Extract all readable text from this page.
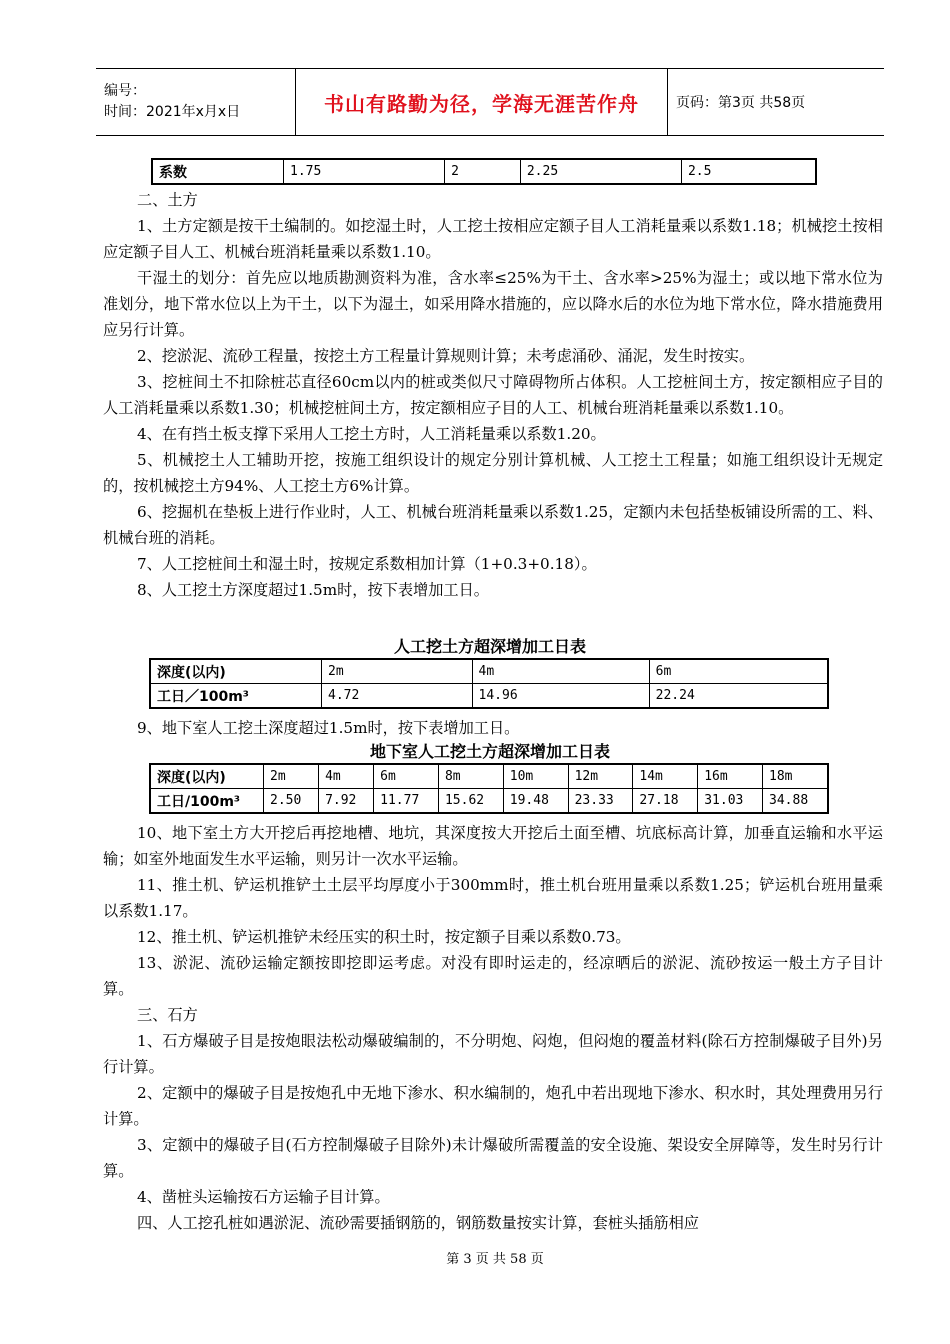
编号：
时间：2021年x月x日	书山有路勤为径，学海无涯苦作舟	页码：第3页 共58页
系数	1.75	2	2.25	2.5

二、土方

1、土方定额是按干土编制的。如挖湿土时，人工挖土按相应定额子目人工消耗量乘以系数1.18；机械挖土按相应定额子目人工、机械台班消耗量乘以系数1.10。

干湿土的划分：首先应以地质勘测资料为准，含水率≤25%为干土、含水率>25%为湿土；或以地下常水位为准划分，地下常水位以上为干土，以下为湿土，如采用降水措施的，应以降水后的水位为地下常水位，降水措施费用应另行计算。

2、挖淤泥、流砂工程量，按挖土方工程量计算规则计算；未考虑涌砂、涌泥，发生时按实。

3、挖桩间土不扣除桩芯直径60cm以内的桩或类似尺寸障碍物所占体积。人工挖桩间土方，按定额相应子目的人工消耗量乘以系数1.30；机械挖桩间土方，按定额相应子目的人工、机械台班消耗量乘以系数1.10。

4、在有挡土板支撑下采用人工挖土方时，人工消耗量乘以系数1.20。

5、机械挖土人工辅助开挖，按施工组织设计的规定分别计算机械、人工挖土工程量；如施工组织设计无规定的，按机械挖土方94%、人工挖土方6%计算。

6、挖掘机在垫板上进行作业时，人工、机械台班消耗量乘以系数1.25，定额内未包括垫板铺设所需的工、料、机械台班的消耗。

7、人工挖桩间土和湿土时，按规定系数相加计算（1+0.3+0.18）。

8、人工挖土方深度超过1.5m时，按下表增加工日。

人工挖土方超深增加工日表
深度(以内)	2m	4m	6m
工日／100m³	4.72	14.96	22.24

9、地下室人工挖土深度超过1.5m时，按下表增加工日。

地下室人工挖土方超深增加工日表
深度(以内)	2m	4m	6m	8m	10m	12m	14m	16m	18m
工日/100m³	2.50	7.92	11.77	15.62	19.48	23.33	27.18	31.03	34.88

10、地下室土方大开挖后再挖地槽、地坑，其深度按大开挖后土面至槽、坑底标高计算，加垂直运输和水平运输；如室外地面发生水平运输，则另计一次水平运输。

11、推土机、铲运机推铲土土层平均厚度小于300mm时，推土机台班用量乘以系数1.25；铲运机台班用量乘以系数1.17。

12、推土机、铲运机推铲未经压实的积土时，按定额子目乘以系数0.73。

13、淤泥、流砂运输定额按即挖即运考虑。对没有即时运走的，经凉晒后的淤泥、流砂按运一般土方子目计算。

三、石方

1、石方爆破子目是按炮眼法松动爆破编制的，不分明炮、闷炮，但闷炮的覆盖材料(除石方控制爆破子目外)另行计算。

2、定额中的爆破子目是按炮孔中无地下渗水、积水编制的，炮孔中若出现地下渗水、积水时，其处理费用另行计算。

3、定额中的爆破子目(石方控制爆破子目除外)未计爆破所需覆盖的安全设施、架设安全屏障等，发生时另行计算。

4、凿桩头运输按石方运输子目计算。

四、人工挖孔桩如遇淤泥、流砂需要插钢筋的，钢筋数量按实计算，套桩头插筋相应

第 3 页 共 58 页
